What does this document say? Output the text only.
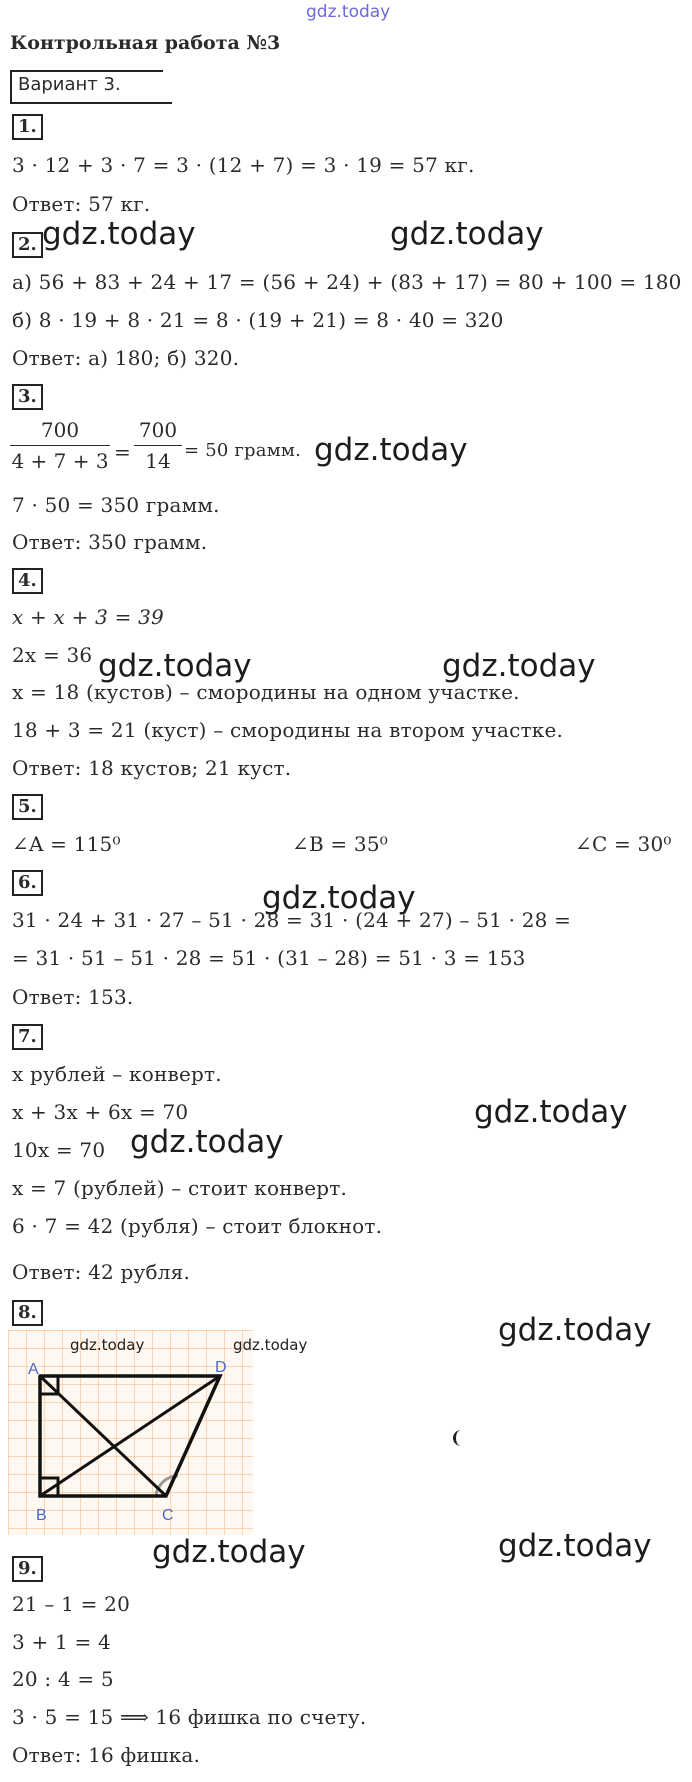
gdz.today
Контрольная работа №3
Вариант 3.
1.
3 · 12 + 3 · 7 = 3 · (12 + 7) = 3 · 19 = 57 кг.
Ответ: 57 кг.
2.
а) 56 + 83 + 24 + 17 = (56 + 24) + (83 + 17) = 80 + 100 = 180
б) 8 · 19 + 8 · 21 = 8 · (19 + 21) = 8 · 40 = 320
Ответ: а) 180; б) 320.
3.
700
4 + 7 + 3 =
700
14 = 50 грамм.
7 · 50 = 350 грамм.
Ответ: 350 грамм.
4.
x + x + 3 = 39
2x = 36
x = 18 (кустов) – смородины на одном участке.
18 + 3 = 21 (куст) – смородины на втором участке.
Ответ: 18 кустов; 21 куст.
5.
∠A = 115⁰	∠B = 35⁰	∠C = 30⁰
6.
31 · 24 + 31 · 27 – 51 · 28 = 31 · (24 + 27) – 51 · 28 =
= 31 · 51 – 51 · 28 = 51 · (31 – 28) = 51 · 3 = 153
Ответ: 153.
7.
x рублей – конверт.
x + 3x + 6x = 70
10x = 70
x = 7 (рублей) – стоит конверт.
6 · 7 = 42 (рубля) – стоит блокнот.
Ответ: 42 рубля.
8.
A
B	C
D
gdz.today	gdz.today
9.
21 – 1 = 20
3 + 1 = 4
20 : 4 = 5
3 · 5 = 15 ⟹ 16 фишка по счету.
Ответ: 16 фишка.
gdz.today	gdz.today
gdz.today
gdz.today	gdz.today
gdz.today
gdz.today
gdz.today
gdz.today
gdz.today	gdz.today
